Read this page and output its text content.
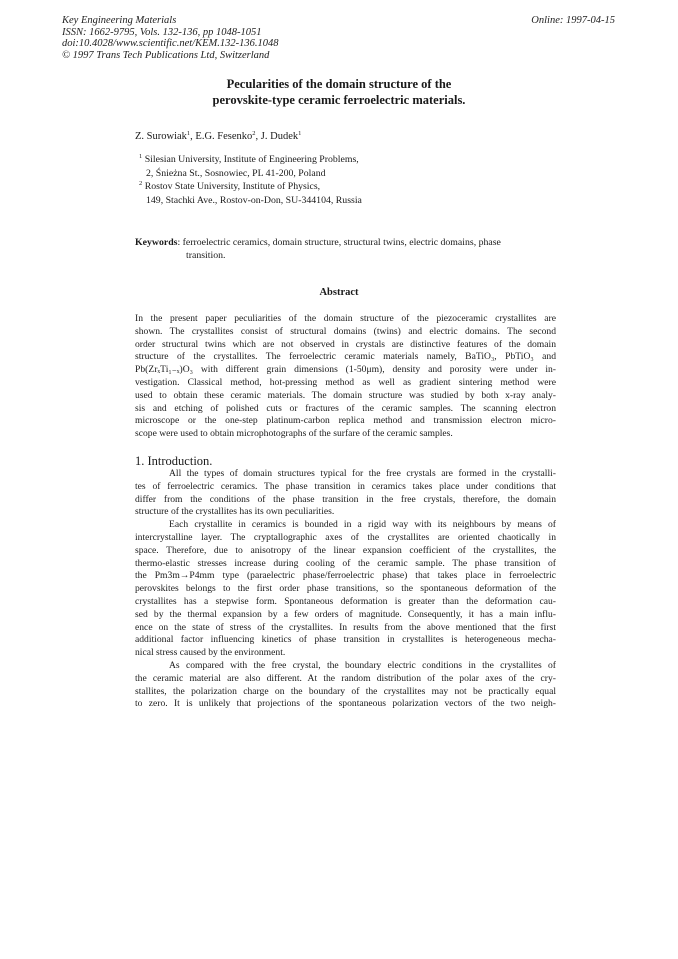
Key Engineering Materials
ISSN: 1662-9795, Vols. 132-136, pp 1048-1051
doi:10.4028/www.scientific.net/KEM.132-136.1048
© 1997 Trans Tech Publications Ltd, Switzerland
Online: 1997-04-15
Pecularities of the domain structure of the
perovskite-type ceramic ferroelectric materials.
Z. Surowiak$^1$, E.G. Fesenko$^2$, J. Dudek$^1$
$^1$ Silesian University, Institute of Engineering Problems,
2, Śnieżna St., Sosnowiec, PL 41-200, Poland
$^2$ Rostov State University, Institute of Physics,
149, Stachki Ave., Rostov-on-Don, SU-344104, Russia
Keywords: ferroelectric ceramics, domain structure, structural twins, electric domains, phase
transition.
Abstract
In the present paper peculiarities of the domain structure of the piezoceramic crystallites are
shown. The crystallites consist of structural domains (twins) and electric domains. The second
order structural twins which are not observed in crystals are distinctive features of the domain
structure of the crystallites. The ferroelectric ceramic materials namely, BaTiO₃, PbTiO₃ and
Pb(ZrₓTi₁₋ₓ)O₃ with different grain dimensions (1-50μm), density and porosity were under in-
vestigation. Classical method, hot-pressing method as well as gradient sintering method were
used to obtain these ceramic materials. The domain structure was studied by both x-ray analy-
sis and etching of polished cuts or fractures of the ceramic samples. The scanning electron
microscope or the one-step platinum-carbon replica method and transmission electron micro-
scope were used to obtain microphotographs of the surfare of the ceramic samples.
1. Introduction.
All the types of domain structures typical for the free crystals are formed in the crystalli-
tes of ferroelectric ceramics. The phase transition in ceramics takes place under conditions that
differ from the conditions of the phase transition in the free crystals, therefore, the domain
structure of the crystallites has its own peculiarities.
Each crystallite in ceramics is bounded in a rigid way with its neighbours by means of
intercrystalline layer. The cryptallographic axes of the crystallites are oriented chaotically in
space. Therefore, due to anisotropy of the linear expansion coefficient of the crystallites, the
thermo-elastic stresses increase during cooling of the ceramic sample. The phase transition of
the Pm3m→P4mm type (paraelectric phase/ferroelectric phase) that takes place in ferroelectric
perovskites belongs to the first order phase transitions, so the spontaneous deformation of the
crystallites has a stepwise form. Spontaneous deformation is greater than the deformation cau-
sed by the thermal expansion by a few orders of magnitude. Consequently, it has a main influ-
ence on the state of stress of the crystallites. In results from the above mentioned that the first
additional factor influencing kinetics of phase transition in crystallites is heterogeneous mecha-
nical stress caused by the environment.
As compared with the free crystal, the boundary electric conditions in the crystallites of
the ceramic material are also different. At the random distribution of the polar axes of the cry-
stallites, the polarization charge on the boundary of the crystallites may not be practically equal
to zero. It is unlikely that projections of the spontaneous polarization vectors of the two neigh-
